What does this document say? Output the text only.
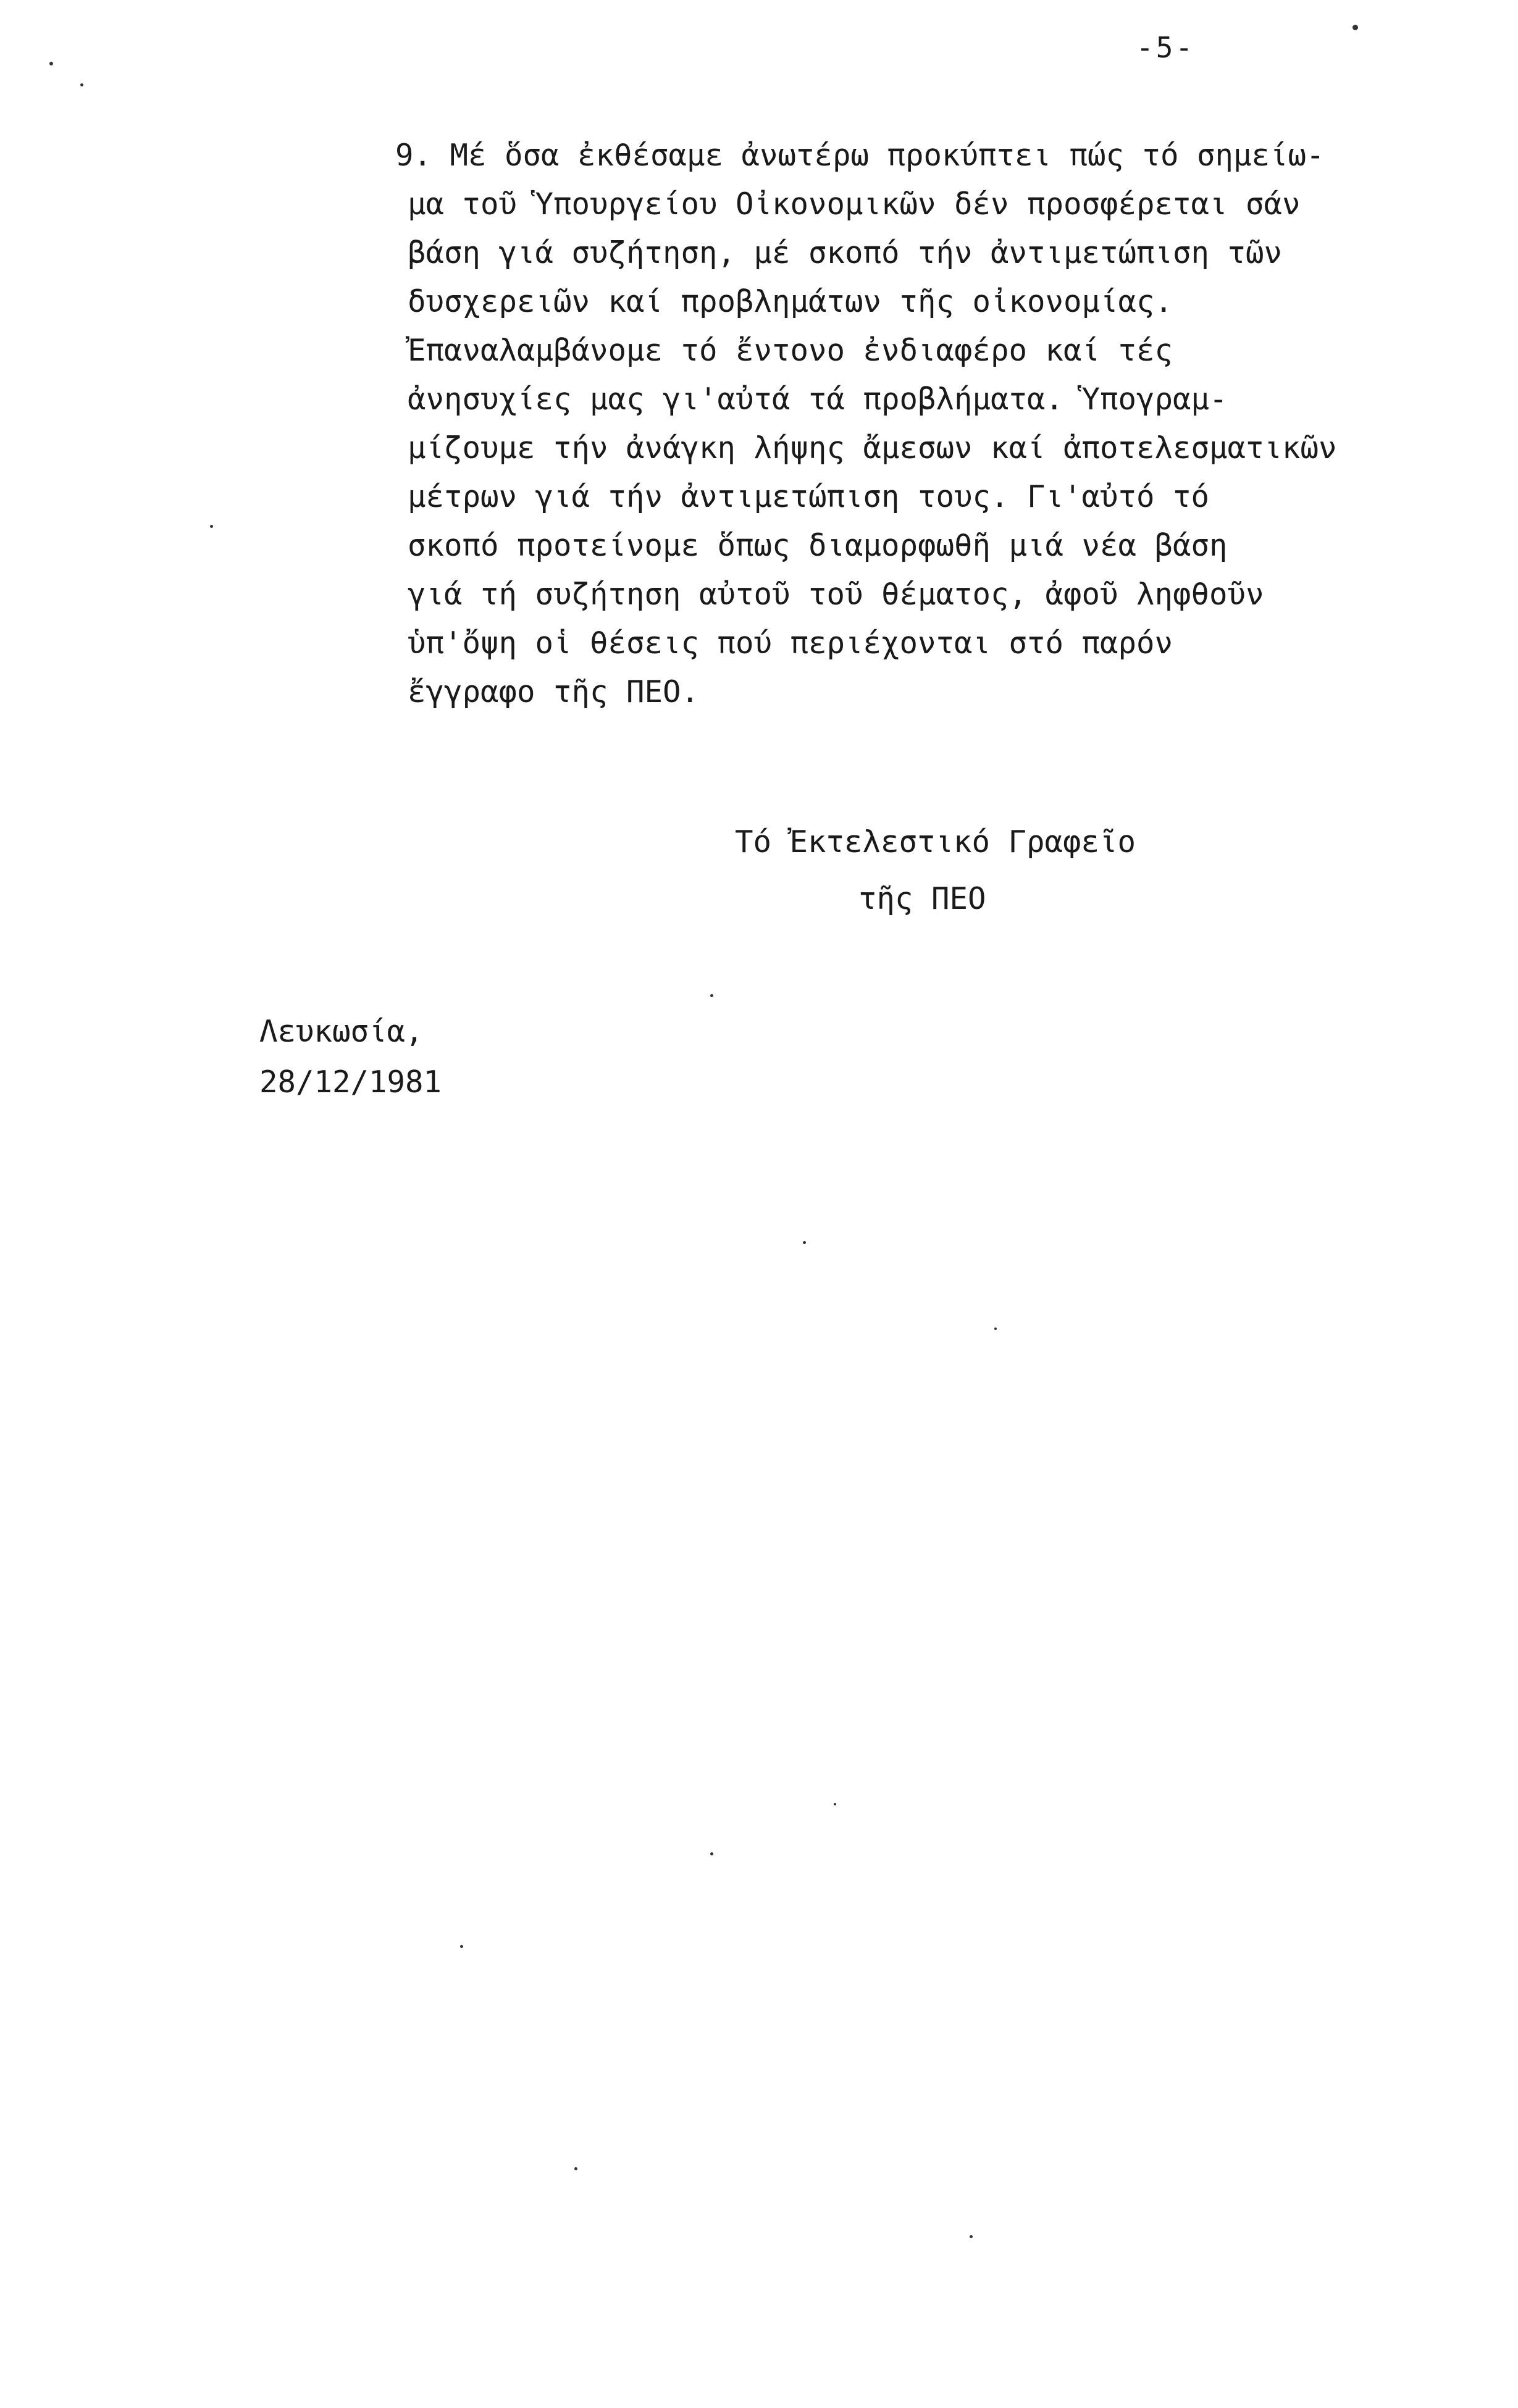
-5-
9. Μέ ὅσα ἐκθέσαμε ἀνωτέρω προκύπτει πώς τό σημείω-
μα τοῦ Ὑπουργείου Οἰκονομικῶν δέν προσφέρεται σάν
βάση γιά συζήτηση, μέ σκοπό τήν ἀντιμετώπιση τῶν
δυσχερειῶν καί προβλημάτων τῆς οἰκονομίας.
Ἐπαναλαμβάνομε τό ἔντονο ἐνδιαφέρο καί τές
ἀνησυχίες μας γι'αὐτά τά προβλήματα. Ὑπογραμ-
μίζουμε τήν ἀνάγκη λήψης ἄμεσων καί ἀποτελεσματικῶν
μέτρων γιά τήν ἀντιμετώπιση τους. Γι'αὐτό τό
σκοπό προτείνομε ὅπως διαμορφωθῆ μιά νέα βάση
γιά τή συζήτηση αὐτοῦ τοῦ θέματος, ἀφοῦ ληφθοῦν
ὑπ'ὄψη οἱ θέσεις πού περιέχονται στό παρόν
ἔγγραφο τῆς ΠΕΟ.
Τό Ἐκτελεστικό Γραφεῖο
τῆς ΠΕΟ
Λευκωσία,
28/12/1981
